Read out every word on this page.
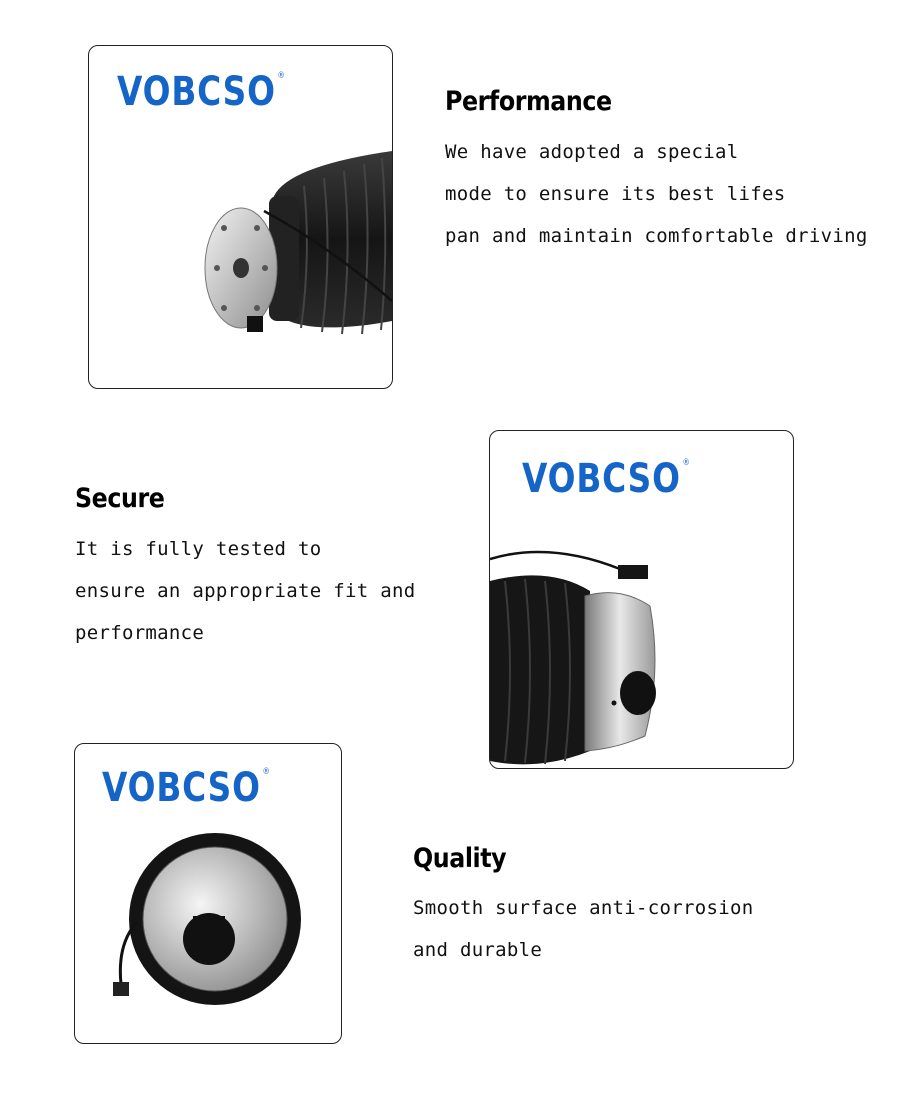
VOBCSO ®
Performance
We have adopted a special
mode to ensure its best lifes
pan and maintain comfortable driving
VOBCSO ®
Secure
It is fully tested to
ensure an appropriate fit and
performance
VOBCSO ®
Quality
Smooth surface anti-corrosion
and durable
